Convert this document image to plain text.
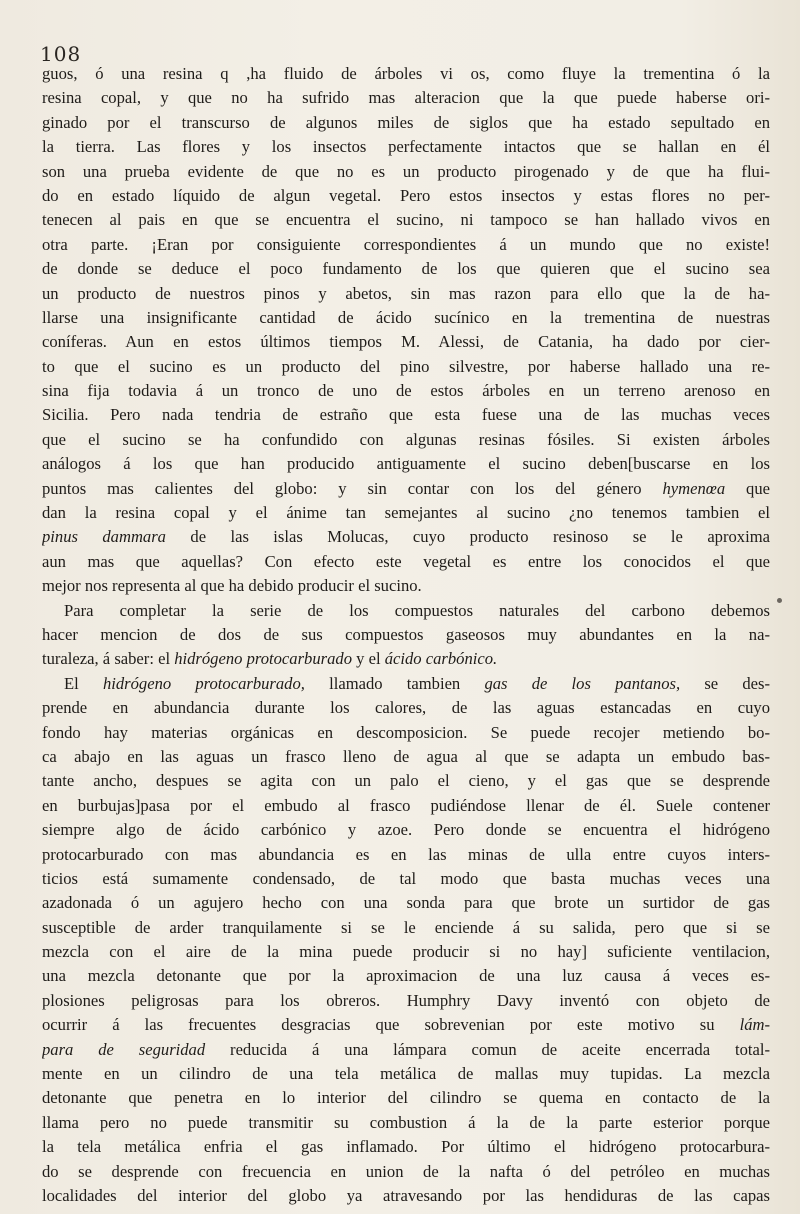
108
guos, ó una resina q ,ha fluido de árboles vi os, como fluye la trementina ó la
resina copal, y que no ha sufrido mas alteracion que la que puede haberse ori-
ginado por el transcurso de algunos miles de siglos que ha estado sepultado en
la tierra. Las flores y los insectos perfectamente intactos que se hallan en él
son una prueba evidente de que no es un producto pirogenado y de que ha flui-
do en estado líquido de algun vegetal. Pero estos insectos y estas flores no per-
tenecen al pais en que se encuentra el sucino, ni tampoco se han hallado vivos en
otra parte. ¡Eran por consiguiente correspondientes á un mundo que no existe!
de donde se deduce el poco fundamento de los que quieren que el sucino sea
un producto de nuestros pinos y abetos, sin mas razon para ello que la de ha-
llarse una insignificante cantidad de ácido sucínico en la trementina de nuestras
coníferas. Aun en estos últimos tiempos M. Alessi, de Catania, ha dado por cier-
to que el sucino es un producto del pino silvestre, por haberse hallado una re-
sina fija todavia á un tronco de uno de estos árboles en un terreno arenoso en
Sicilia. Pero nada tendria de estraño que esta fuese una de las muchas veces
que el sucino se ha confundido con algunas resinas fósiles. Si existen árboles
análogos á los que han producido antiguamente el sucino deben[buscarse en los
puntos mas calientes del globo: y sin contar con los del género hymenœa que
dan la resina copal y el ánime tan semejantes al sucino ¿no tenemos tambien el
pinus dammara de las islas Molucas, cuyo producto resinoso se le aproxima
aun mas que aquellas? Con efecto este vegetal es entre los conocidos el que
mejor nos representa al que ha debido producir el sucino.
Para completar la serie de los compuestos naturales del carbono debemos
hacer mencion de dos de sus compuestos gaseosos muy abundantes en la na-
turaleza, á saber: el hidrógeno protocarburado y el ácido carbónico.
El hidrógeno protocarburado, llamado tambien gas de los pantanos, se des-
prende en abundancia durante los calores, de las aguas estancadas en cuyo
fondo hay materias orgánicas en descomposicion. Se puede recojer metiendo bo-
ca abajo en las aguas un frasco lleno de agua al que se adapta un embudo bas-
tante ancho, despues se agita con un palo el cieno, y el gas que se desprende
en burbujas]pasa por el embudo al frasco pudiéndose llenar de él. Suele contener
siempre algo de ácido carbónico y azoe. Pero donde se encuentra el hidrógeno
protocarburado con mas abundancia es en las minas de ulla entre cuyos inters-
ticios está sumamente condensado, de tal modo que basta muchas veces una
azadonada ó un agujero hecho con una sonda para que brote un surtidor de gas
susceptible de arder tranquilamente si se le enciende á su salida, pero que si se
mezcla con el aire de la mina puede producir si no hay] suficiente ventilacion,
una mezcla detonante que por la aproximacion de una luz causa á veces es-
plosiones peligrosas para los obreros. Humphry Davy inventó con objeto de
ocurrir á las frecuentes desgracias que sobrevenian por este motivo su lám-
para de seguridad reducida á una lámpara comun de aceite encerrada total-
mente en un cilindro de una tela metálica de mallas muy tupidas. La mezcla
detonante que penetra en lo interior del cilindro se quema en contacto de la
llama pero no puede transmitir su combustion á la de la parte esterior porque
la tela metálica enfria el gas inflamado. Por último el hidrógeno protocarbura-
do se desprende con frecuencia en union de la nafta ó del petróleo en muchas
localidades del interior del globo ya atravesando por las hendiduras de las capas
